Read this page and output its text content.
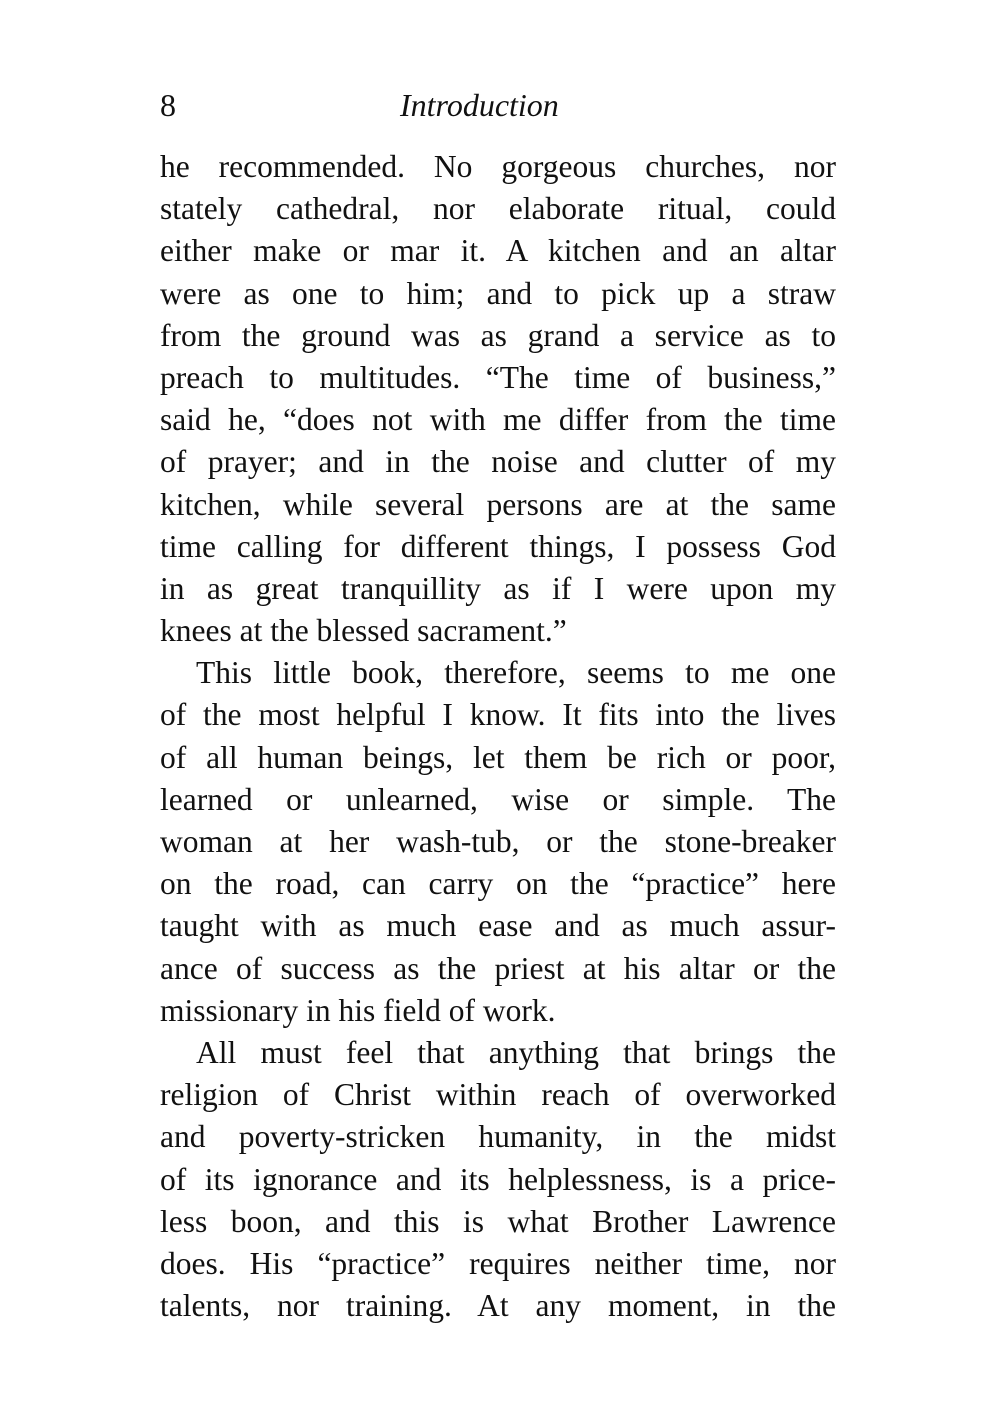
8	Introduction
he recommended. No gorgeous churches, nor
stately cathedral, nor elaborate ritual, could
either make or mar it. A kitchen and an altar
were as one to him; and to pick up a straw
from the ground was as grand a service as to
preach to multitudes. “The time of business,”
said he, “does not with me differ from the time
of prayer; and in the noise and clutter of my
kitchen, while several persons are at the same
time calling for different things, I possess God
in as great tranquillity as if I were upon my
knees at the blessed sacrament.”
This little book, therefore, seems to me one
of the most helpful I know. It fits into the lives
of all human beings, let them be rich or poor,
learned or unlearned, wise or simple. The
woman at her wash-tub, or the stone-breaker
on the road, can carry on the “practice” here
taught with as much ease and as much assur-
ance of success as the priest at his altar or the
missionary in his field of work.
All must feel that anything that brings the
religion of Christ within reach of overworked
and poverty-stricken humanity, in the midst
of its ignorance and its helplessness, is a price-
less boon, and this is what Brother Lawrence
does. His “practice” requires neither time, nor
talents, nor training. At any moment, in the
